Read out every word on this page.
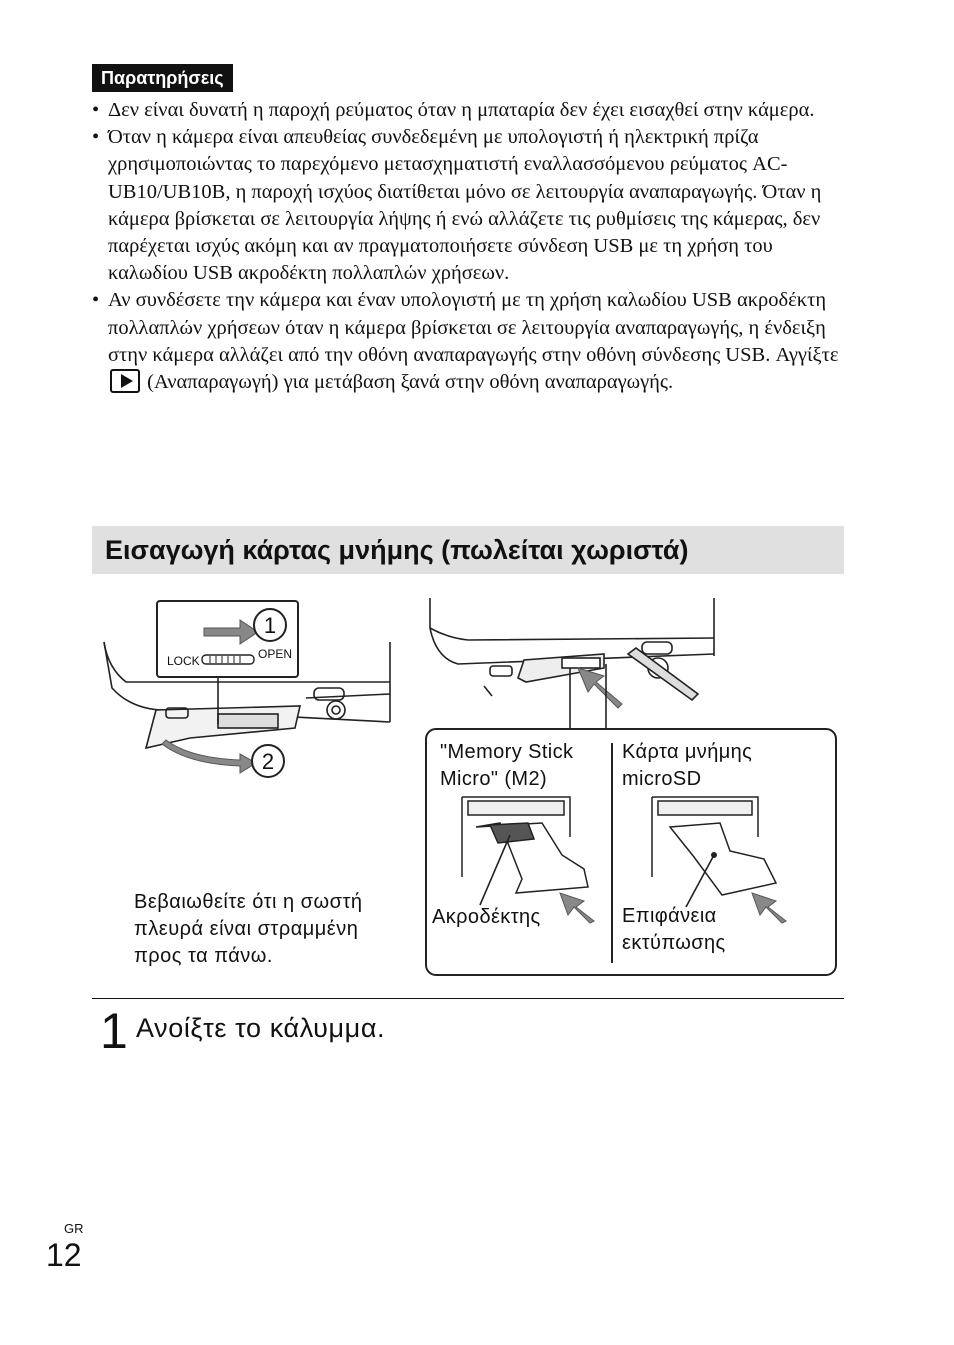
Παρατηρήσεις
• Δεν είναι δυνατή η παροχή ρεύματος όταν η μπαταρία δεν έχει εισαχθεί στην κάμερα.
• Όταν η κάμερα είναι απευθείας συνδεδεμένη με υπολογιστή ή ηλεκτρική πρίζα χρησιμοποιώντας το παρεχόμενο μετασχηματιστή εναλλασσόμενου ρεύματος AC-UB10/UB10B, η παροχή ισχύος διατίθεται μόνο σε λειτουργία αναπαραγωγής. Όταν η κάμερα βρίσκεται σε λειτουργία λήψης ή ενώ αλλάζετε τις ρυθμίσεις της κάμερας, δεν παρέχεται ισχύς ακόμη και αν πραγματοποιήσετε σύνδεση USB με τη χρήση του καλωδίου USB ακροδέκτη πολλαπλών χρήσεων.
• Αν συνδέσετε την κάμερα και έναν υπολογιστή με τη χρήση καλωδίου USB ακροδέκτη πολλαπλών χρήσεων όταν η κάμερα βρίσκεται σε λειτουργία αναπαραγωγής, η ένδειξη στην κάμερα αλλάζει από την οθόνη αναπαραγωγής στην οθόνη σύνδεσης USB. Αγγίξτε  (Αναπαραγωγή) για μετάβαση ξανά στην οθόνη αναπαραγωγής.
Εισαγωγή κάρτας μνήμης (πωλείται χωριστά)
1
LOCK	OPEN
2
Βεβαιωθείτε ότι η σωστή
πλευρά είναι στραμμένη
προς τα πάνω.
"Memory Stick
Micro" (M2)
Κάρτα μνήμης
microSD
Ακροδέκτης	Επιφάνεια
εκτύπωσης
1 Ανοίξτε το κάλυμμα.
GR
12
